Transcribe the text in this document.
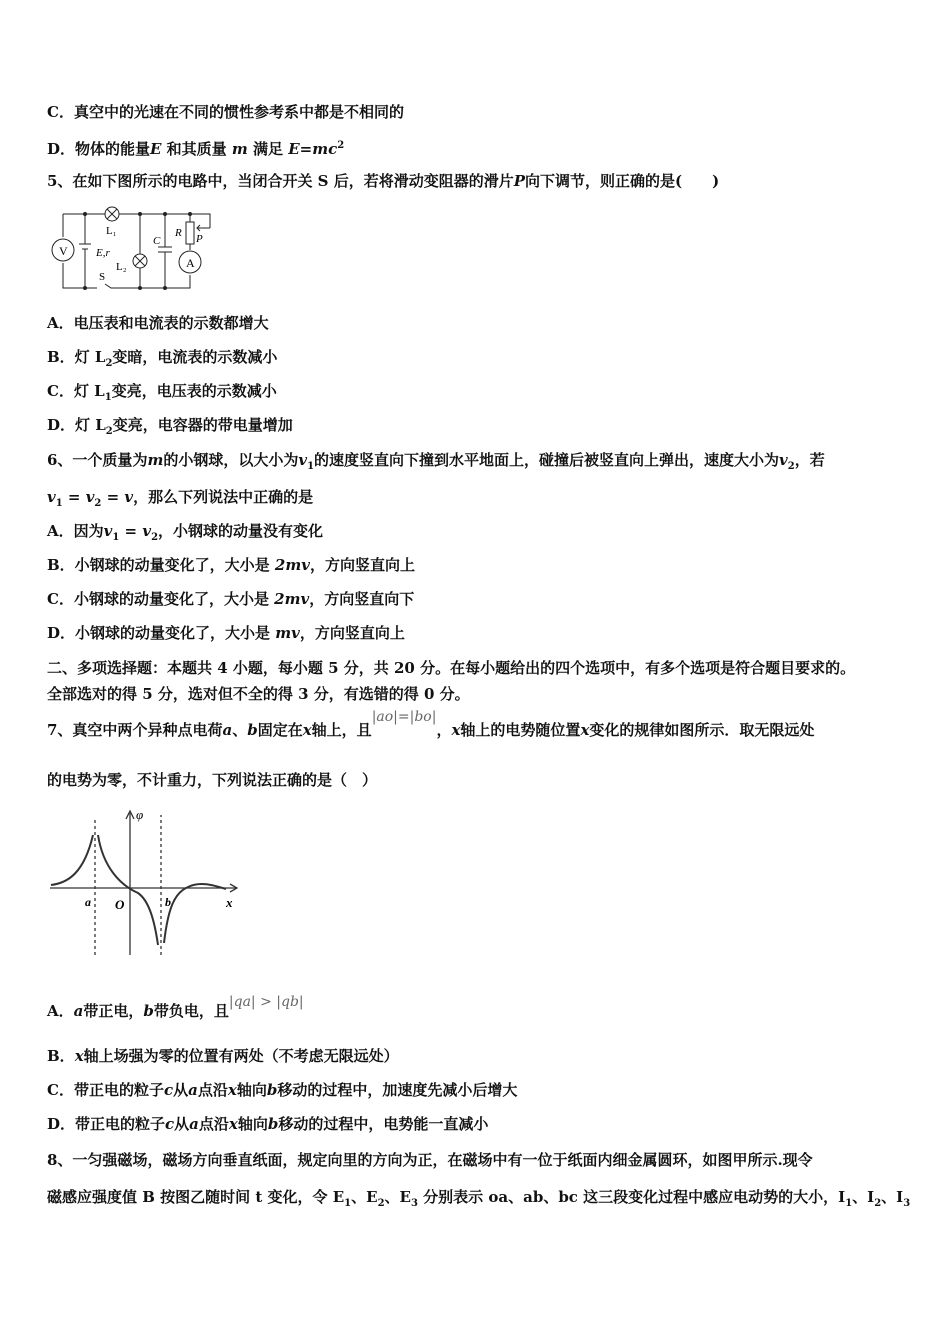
C．真空中的光速在不同的惯性参考系中都是不相同的
D．物体的能量E 和其质量 m 满足 $E=mc^2$
5、在如下图所示的电路中，当闭合开关 S 后，若将滑动变阻器的滑片P向下调节，则正确的是(　　)
V	E,r
S
L₁
L₂
C
R P
A
A．电压表和电流表的示数都增大
B．灯 $L_2$变暗，电流表的示数减小
C．灯 $L_1$变亮，电压表的示数减小
D．灯 $L_2$变亮，电容器的带电量增加
6、一个质量为m的小钢球，以大小为$v_1$的速度竖直向下撞到水平地面上，碰撞后被竖直向上弹出，速度大小为$v_2$，若
$v_1 = v_2 = v$，那么下列说法中正确的是
A．因为$v_1 = v_2$，小钢球的动量没有变化
B．小钢球的动量变化了，大小是 2mv，方向竖直向上
C．小钢球的动量变化了，大小是 2mv，方向竖直向下
D．小钢球的动量变化了，大小是 mv，方向竖直向上
二、多项选择题：本题共 4 小题，每小题 5 分，共 20 分。在每小题给出的四个选项中，有多个选项是符合题目要求的。
全部选对的得 5 分，选对但不全的得 3 分，有选错的得 0 分。
7、真空中两个异种点电荷a、b固定在x轴上，且|ao|=|bo|，x轴上的电势随位置x变化的规律如图所示．取无限远处
的电势为零，不计重力，下列说法正确的是（　）
φ
a O	b	x
A．a带正电，b带负电，且|qa| > |qb|
B．x轴上场强为零的位置有两处（不考虑无限远处）
C．带正电的粒子c从a点沿x轴向b移动的过程中，加速度先减小后增大
D．带正电的粒子c从a点沿x轴向b移动的过程中，电势能一直减小
8、一匀强磁场，磁场方向垂直纸面，规定向里的方向为正，在磁场中有一位于纸面内细金属圆环，如图甲所示.现令
磁感应强度值 B 按图乙随时间 t 变化，令 $E_1$、$E_2$、$E_3$ 分别表示 oa、ab、bc 这三段变化过程中感应电动势的大小，$I_1$、$I_2$、$I_3$
